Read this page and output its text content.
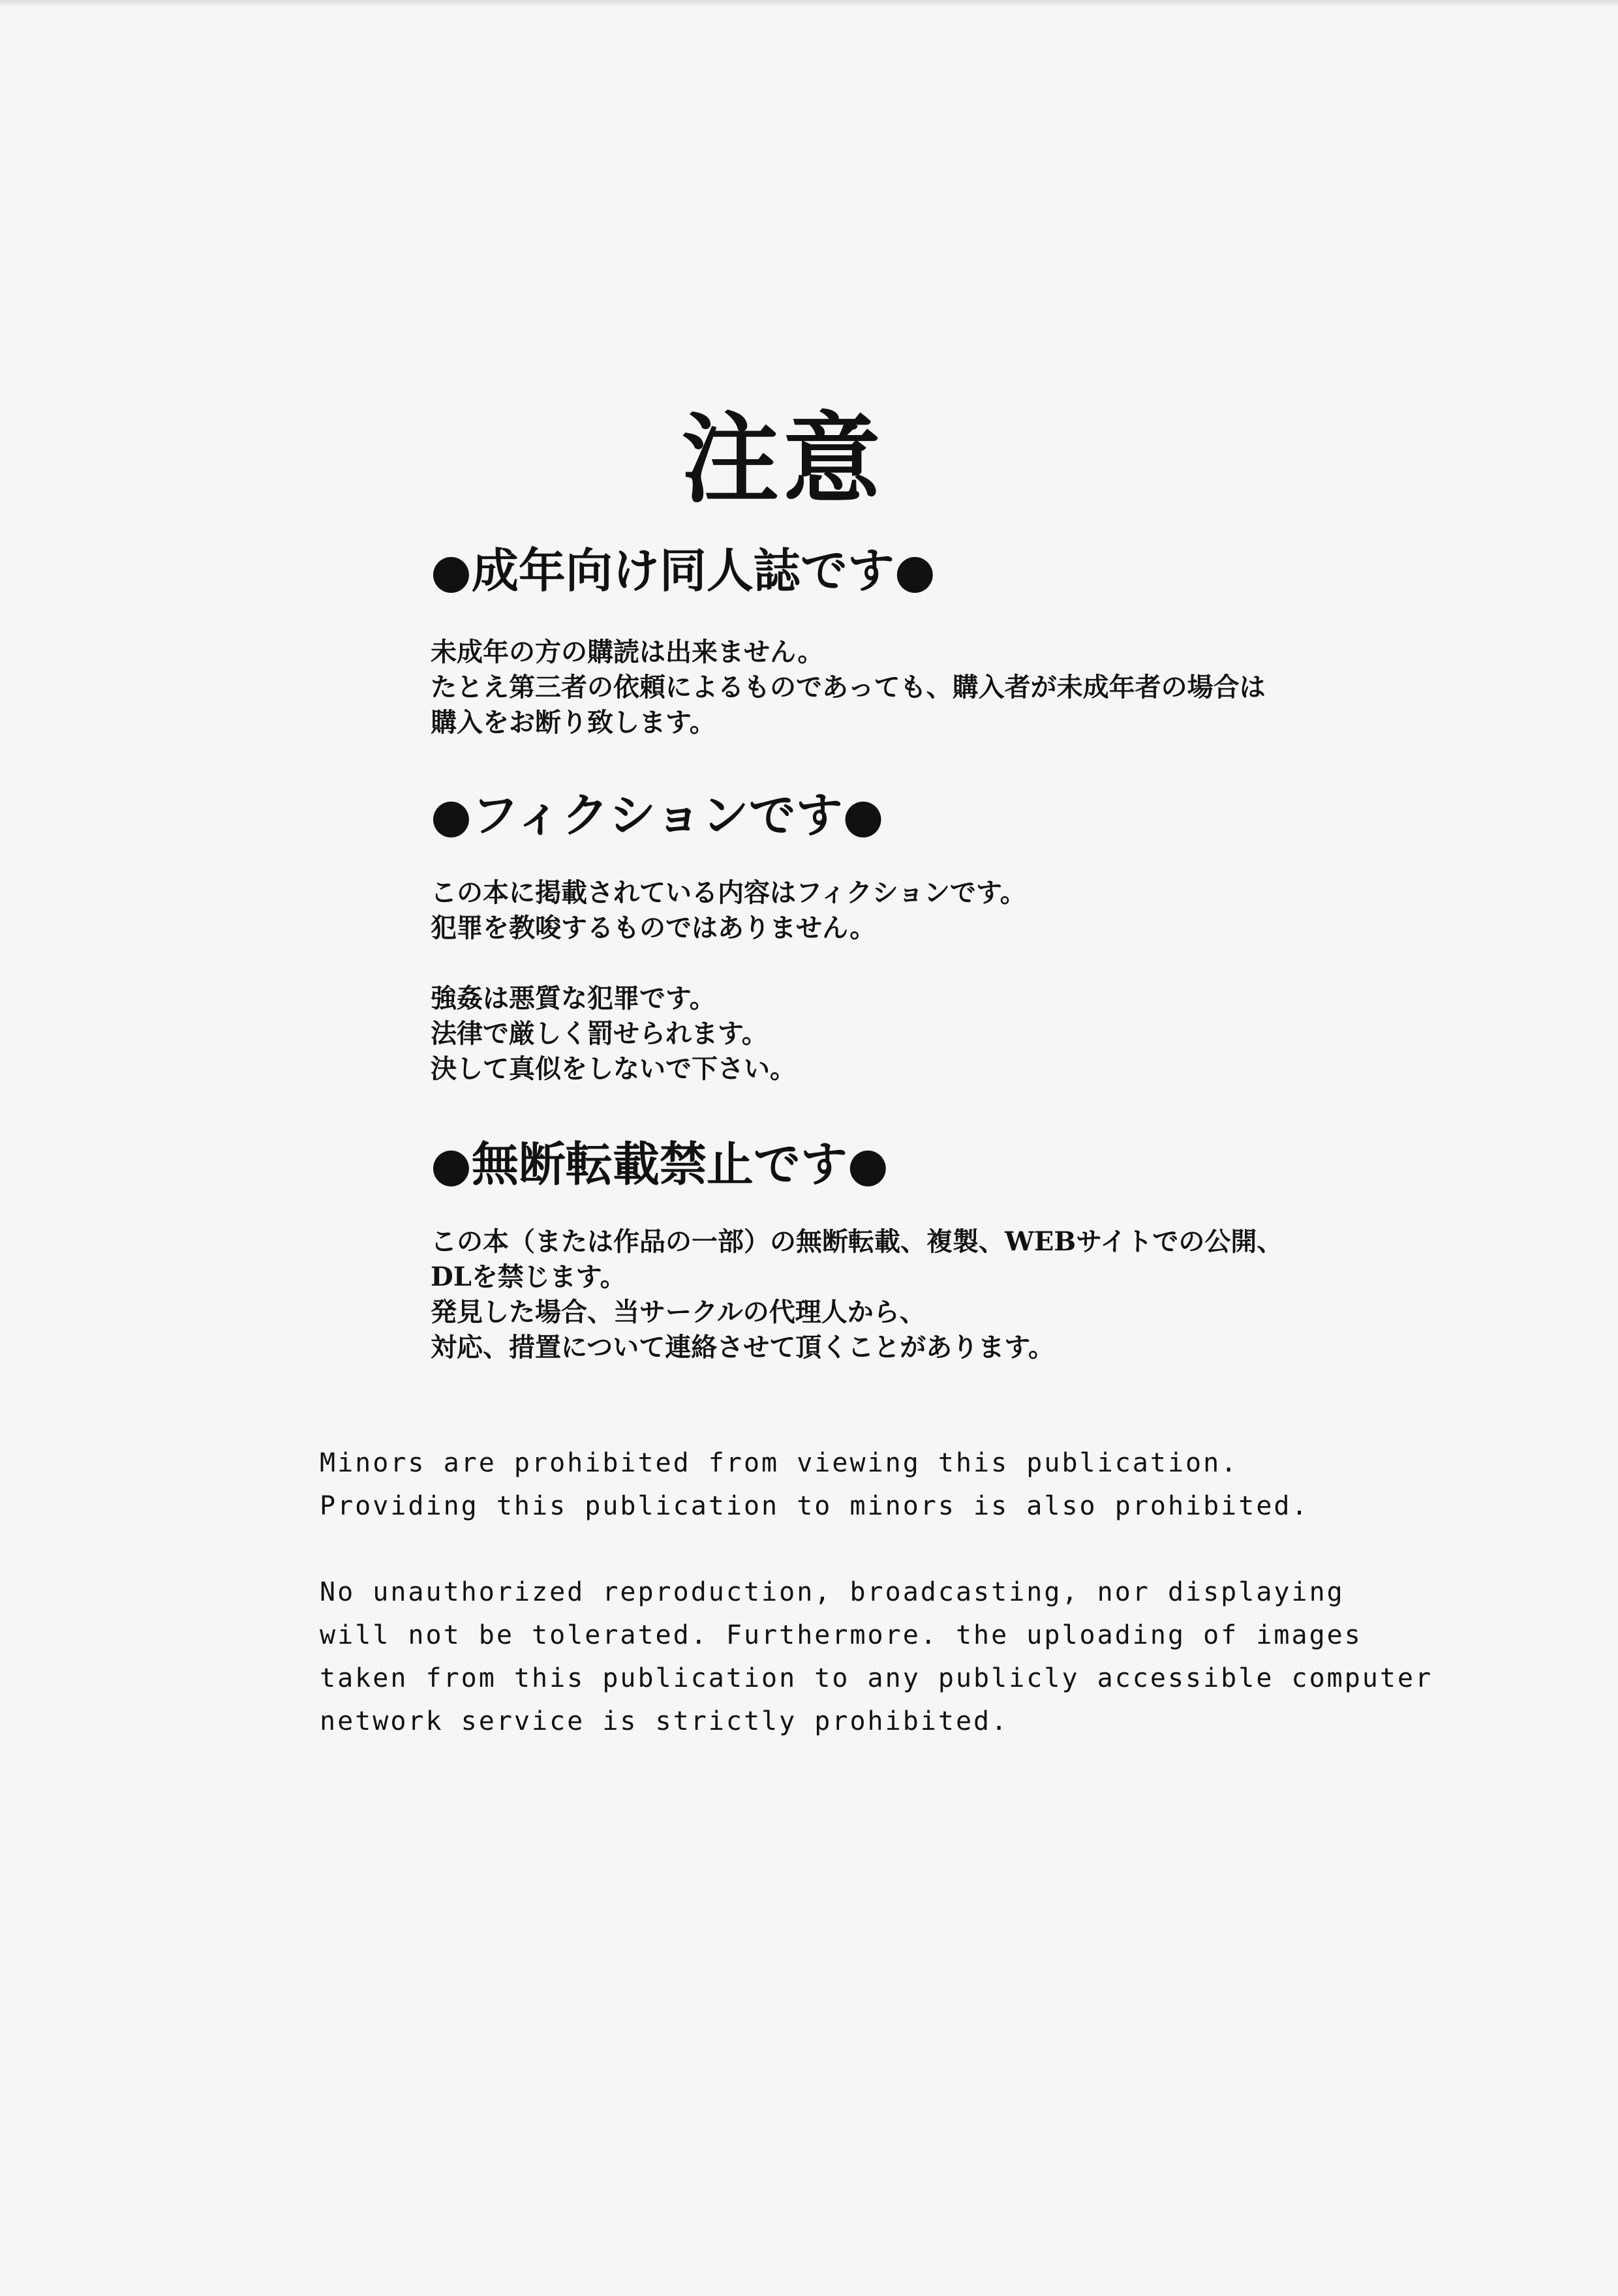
注意

●成年向け同人誌です●

未成年の方の購読は出来ません。

たとえ第三者の依頼によるものであっても、購入者が未成年者の場合は

購入をお断り致します。

●フィクションです●

この本に掲載されている内容はフィクションです。

犯罪を教唆するものではありません。

強姦は悪質な犯罪です。

法律で厳しく罰せられます。

決して真似をしないで下さい。

●無断転載禁止です●

この本（または作品の一部）の無断転載、複製、WEBサイトでの公開、

DLを禁じます。

発見した場合、当サークルの代理人から、

対応、措置について連絡させて頂くことがあります。

Minors are prohibited from viewing this publication.

Providing this publication to minors is also prohibited.

No unauthorized reproduction, broadcasting, nor displaying

will not be tolerated. Furthermore. the uploading of images

taken from this publication to any publicly accessible computer

network service is strictly prohibited.
